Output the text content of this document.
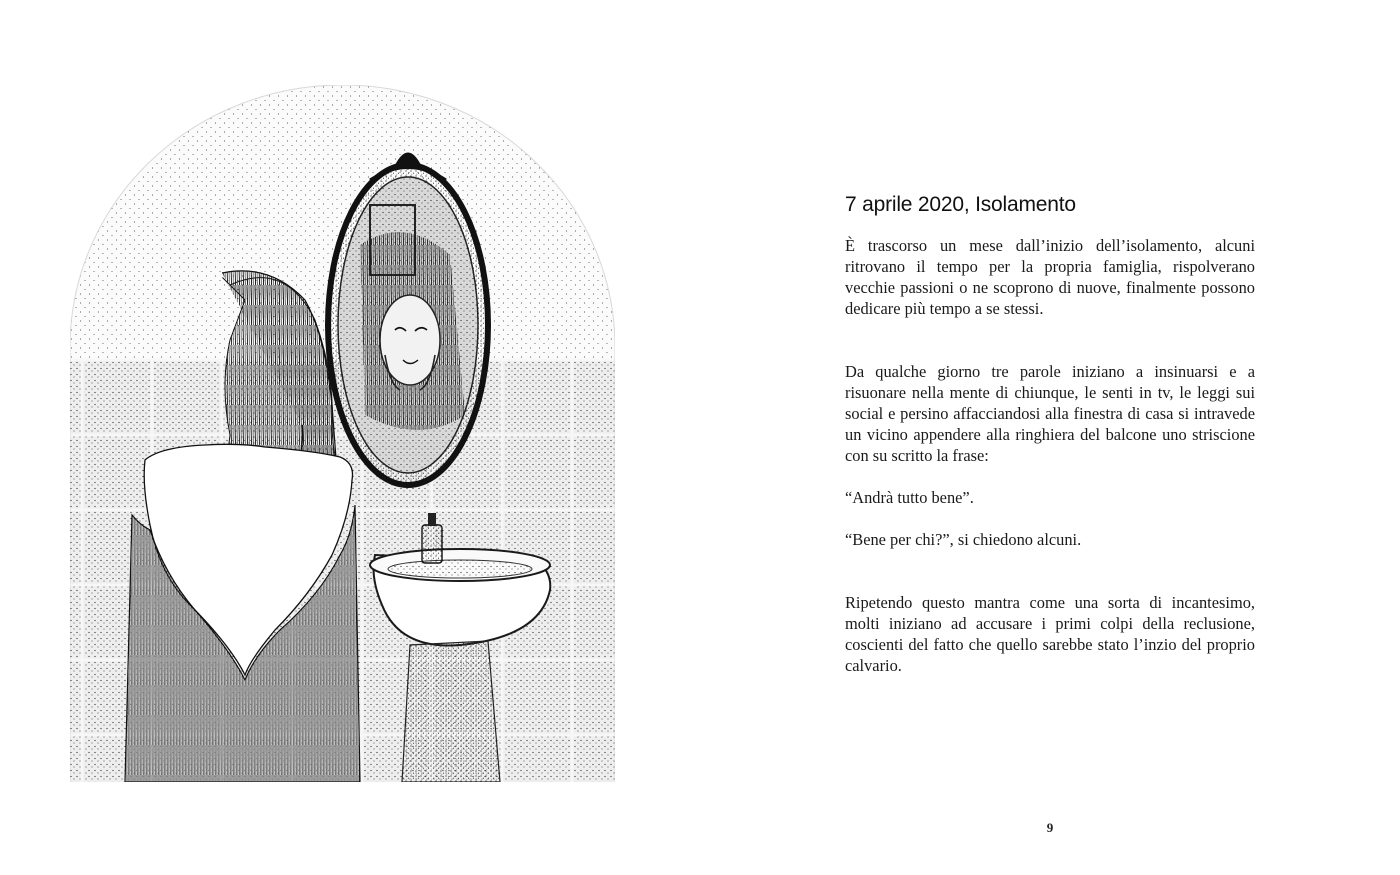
7 aprile 2020, Isolamento

È trascorso un mese dall’inizio dell’isolamento, alcuni ritrovano il tempo per la propria famiglia, rispolverano vecchie passioni o ne scoprono di nuove, finalmente possono dedicare più tempo a se stessi.

Da qualche giorno tre parole iniziano a insinuarsi e a risuonare nella mente di chiunque, le senti in tv, le leggi sui social e persino affacciandosi alla finestra di casa si intravede un vicino appendere alla ringhiera del balcone uno striscione con su scritto la frase:

“Andrà tutto bene”.

“Bene per chi?”, si chiedono alcuni.

Ripetendo questo mantra come una sorta di incantesimo, molti iniziano ad accusare i primi colpi della reclusione, coscienti del fatto che quello sarebbe stato l’inzio del proprio calvario.

9
